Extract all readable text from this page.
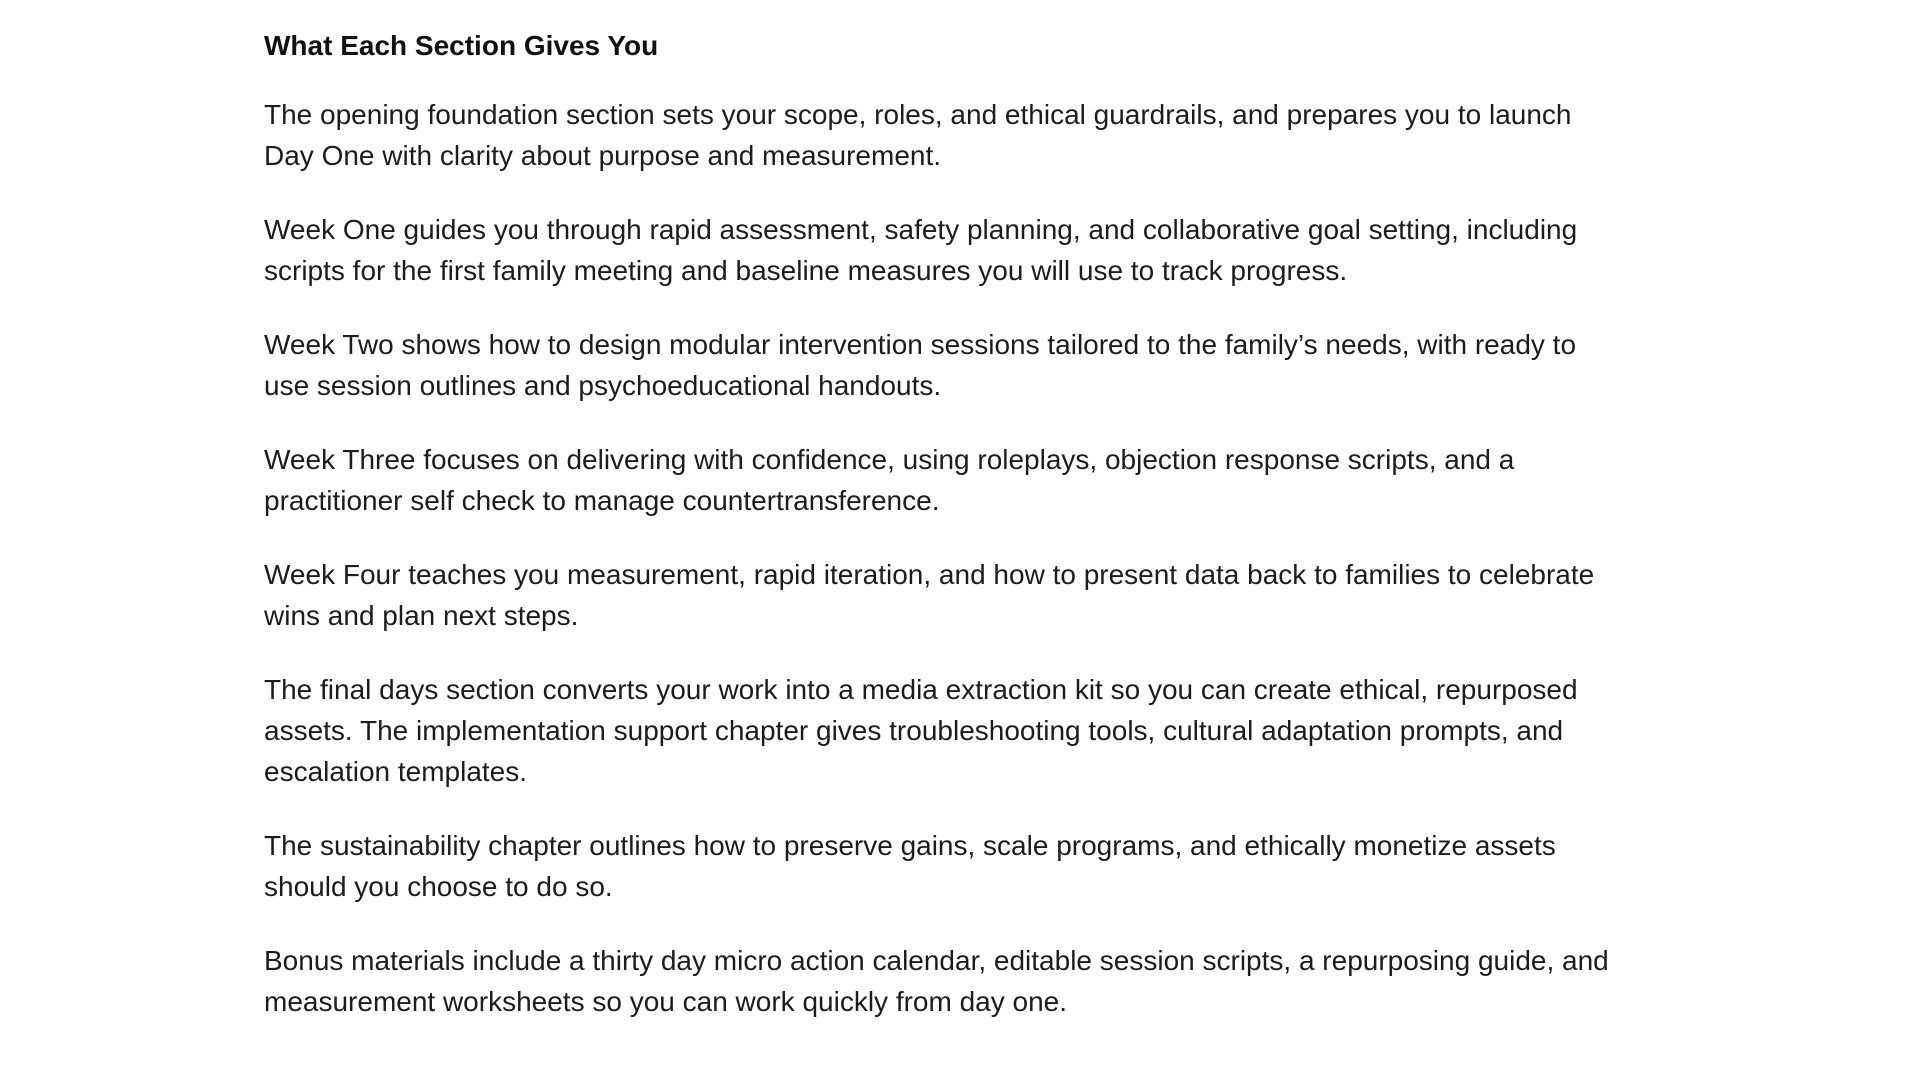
What Each Section Gives You

The opening foundation section sets your scope, roles, and ethical guardrails, and prepares you to launch Day One with clarity about purpose and measurement.

Week One guides you through rapid assessment, safety planning, and collaborative goal setting, including scripts for the first family meeting and baseline measures you will use to track progress.

Week Two shows how to design modular intervention sessions tailored to the family’s needs, with ready to use session outlines and psychoeducational handouts.

Week Three focuses on delivering with confidence, using roleplays, objection response scripts, and a practitioner self check to manage countertransference.

Week Four teaches you measurement, rapid iteration, and how to present data back to families to celebrate wins and plan next steps.

The final days section converts your work into a media extraction kit so you can create ethical, repurposed assets. The implementation support chapter gives troubleshooting tools, cultural adaptation prompts, and escalation templates.

The sustainability chapter outlines how to preserve gains, scale programs, and ethically monetize assets should you choose to do so.

Bonus materials include a thirty day micro action calendar, editable session scripts, a repurposing guide, and measurement worksheets so you can work quickly from day one.
